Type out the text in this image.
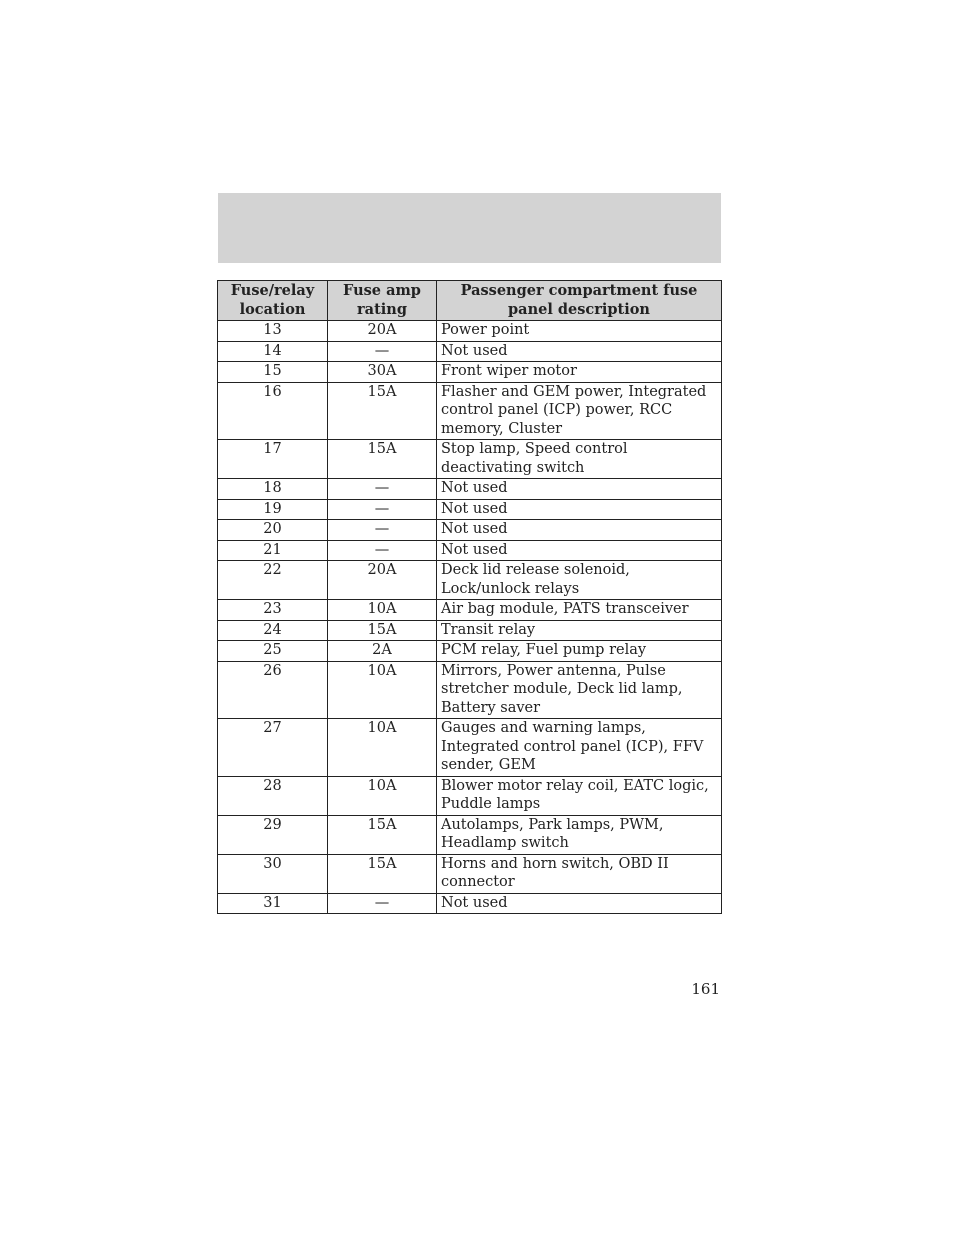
Fuse/relay location	Fuse amp rating	Passenger compartment fuse panel description
13	20A	Power point
14	—	Not used
15	30A	Front wiper motor
16	15A	Flasher and GEM power, Integrated control panel (ICP) power, RCC memory, Cluster
17	15A	Stop lamp, Speed control deactivating switch
18	—	Not used
19	—	Not used
20	—	Not used
21	—	Not used
22	20A	Deck lid release solenoid, Lock/unlock relays
23	10A	Air bag module, PATS transceiver
24	15A	Transit relay
25	2A	PCM relay, Fuel pump relay
26	10A	Mirrors, Power antenna, Pulse stretcher module, Deck lid lamp, Battery saver
27	10A	Gauges and warning lamps, Integrated control panel (ICP), FFV sender, GEM
28	10A	Blower motor relay coil, EATC logic, Puddle lamps
29	15A	Autolamps, Park lamps, PWM, Headlamp switch
30	15A	Horns and horn switch, OBD II connector
31	—	Not used
161
